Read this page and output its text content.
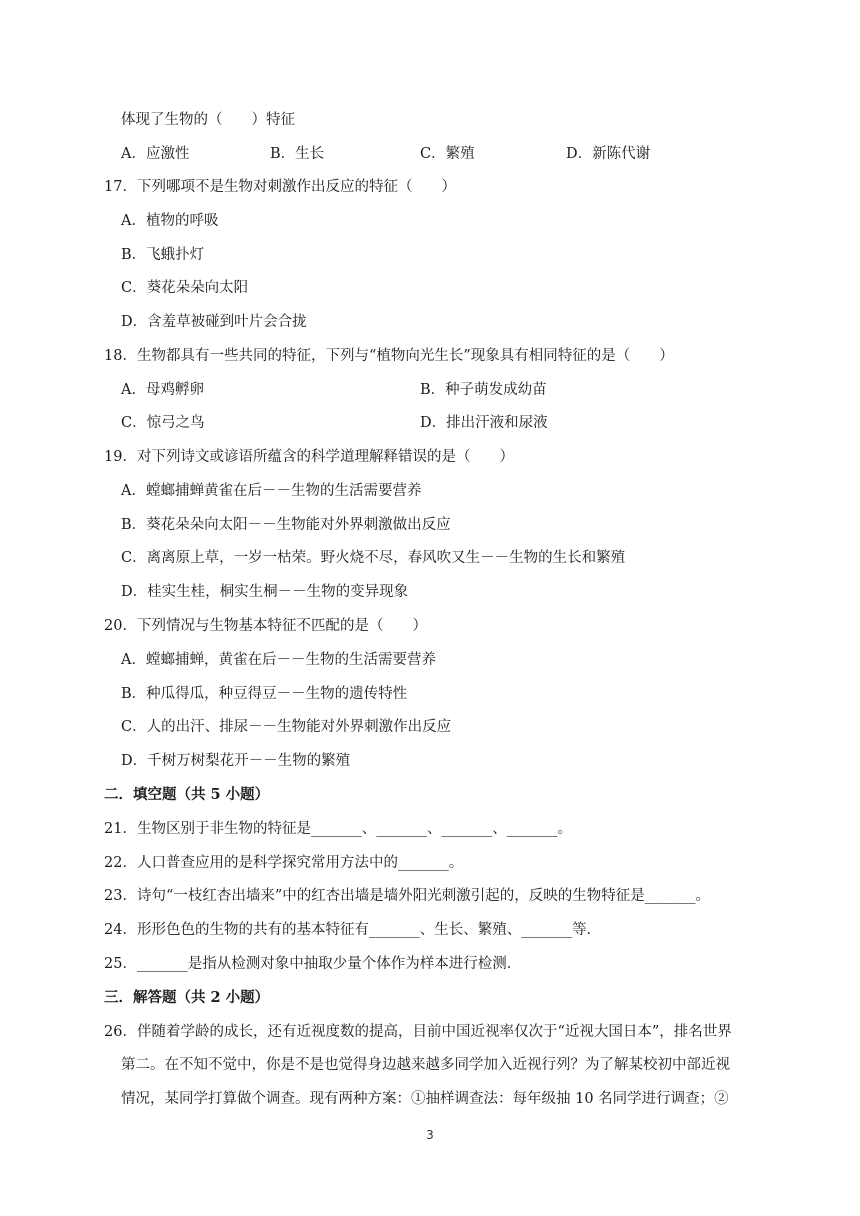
体现了生物的（　　）特征
A．应激性	B．生长	C．繁殖	D．新陈代谢
17．下列哪项不是生物对刺激作出反应的特征（　　）
A．植物的呼吸
B．飞蛾扑灯
C．葵花朵朵向太阳
D．含羞草被碰到叶片会合拢
18．生物都具有一些共同的特征，下列与“植物向光生长”现象具有相同特征的是（　　）
A．母鸡孵卵	B．种子萌发成幼苗
C．惊弓之鸟	D．排出汗液和尿液
19．对下列诗文或谚语所蕴含的科学道理解释错误的是（　　）
A．螳螂捕蝉黄雀在后－－生物的生活需要营养
B．葵花朵朵向太阳－－生物能对外界刺激做出反应
C．离离原上草，一岁一枯荣。野火烧不尽，春风吹又生－－生物的生长和繁殖
D．桂实生桂，桐实生桐－－生物的变异现象
20．下列情况与生物基本特征不匹配的是（　　）
A．螳螂捕蝉，黄雀在后－－生物的生活需要营养
B．种瓜得瓜，种豆得豆－－生物的遗传特性
C．人的出汗、排尿－－生物能对外界刺激作出反应
D．千树万树梨花开－－生物的繁殖
二．填空题（共 5 小题）
21．生物区别于非生物的特征是_______、_______、_______、_______。
22．人口普查应用的是科学探究常用方法中的_______。
23．诗句“一枝红杏出墙来”中的红杏出墙是墙外阳光刺激引起的，反映的生物特征是_______。
24．形形色色的生物的共有的基本特征有_______、生长、繁殖、_______等．
25．_______是指从检测对象中抽取少量个体作为样本进行检测．
三．解答题（共 2 小题）
26．伴随着学龄的成长，还有近视度数的提高，目前中国近视率仅次于“近视大国日本”，排名世界
第二。在不知不觉中，你是不是也觉得身边越来越多同学加入近视行列？为了解某校初中部近视
情况，某同学打算做个调查。现有两种方案：①抽样调查法：每年级抽 10 名同学进行调查；②
3
